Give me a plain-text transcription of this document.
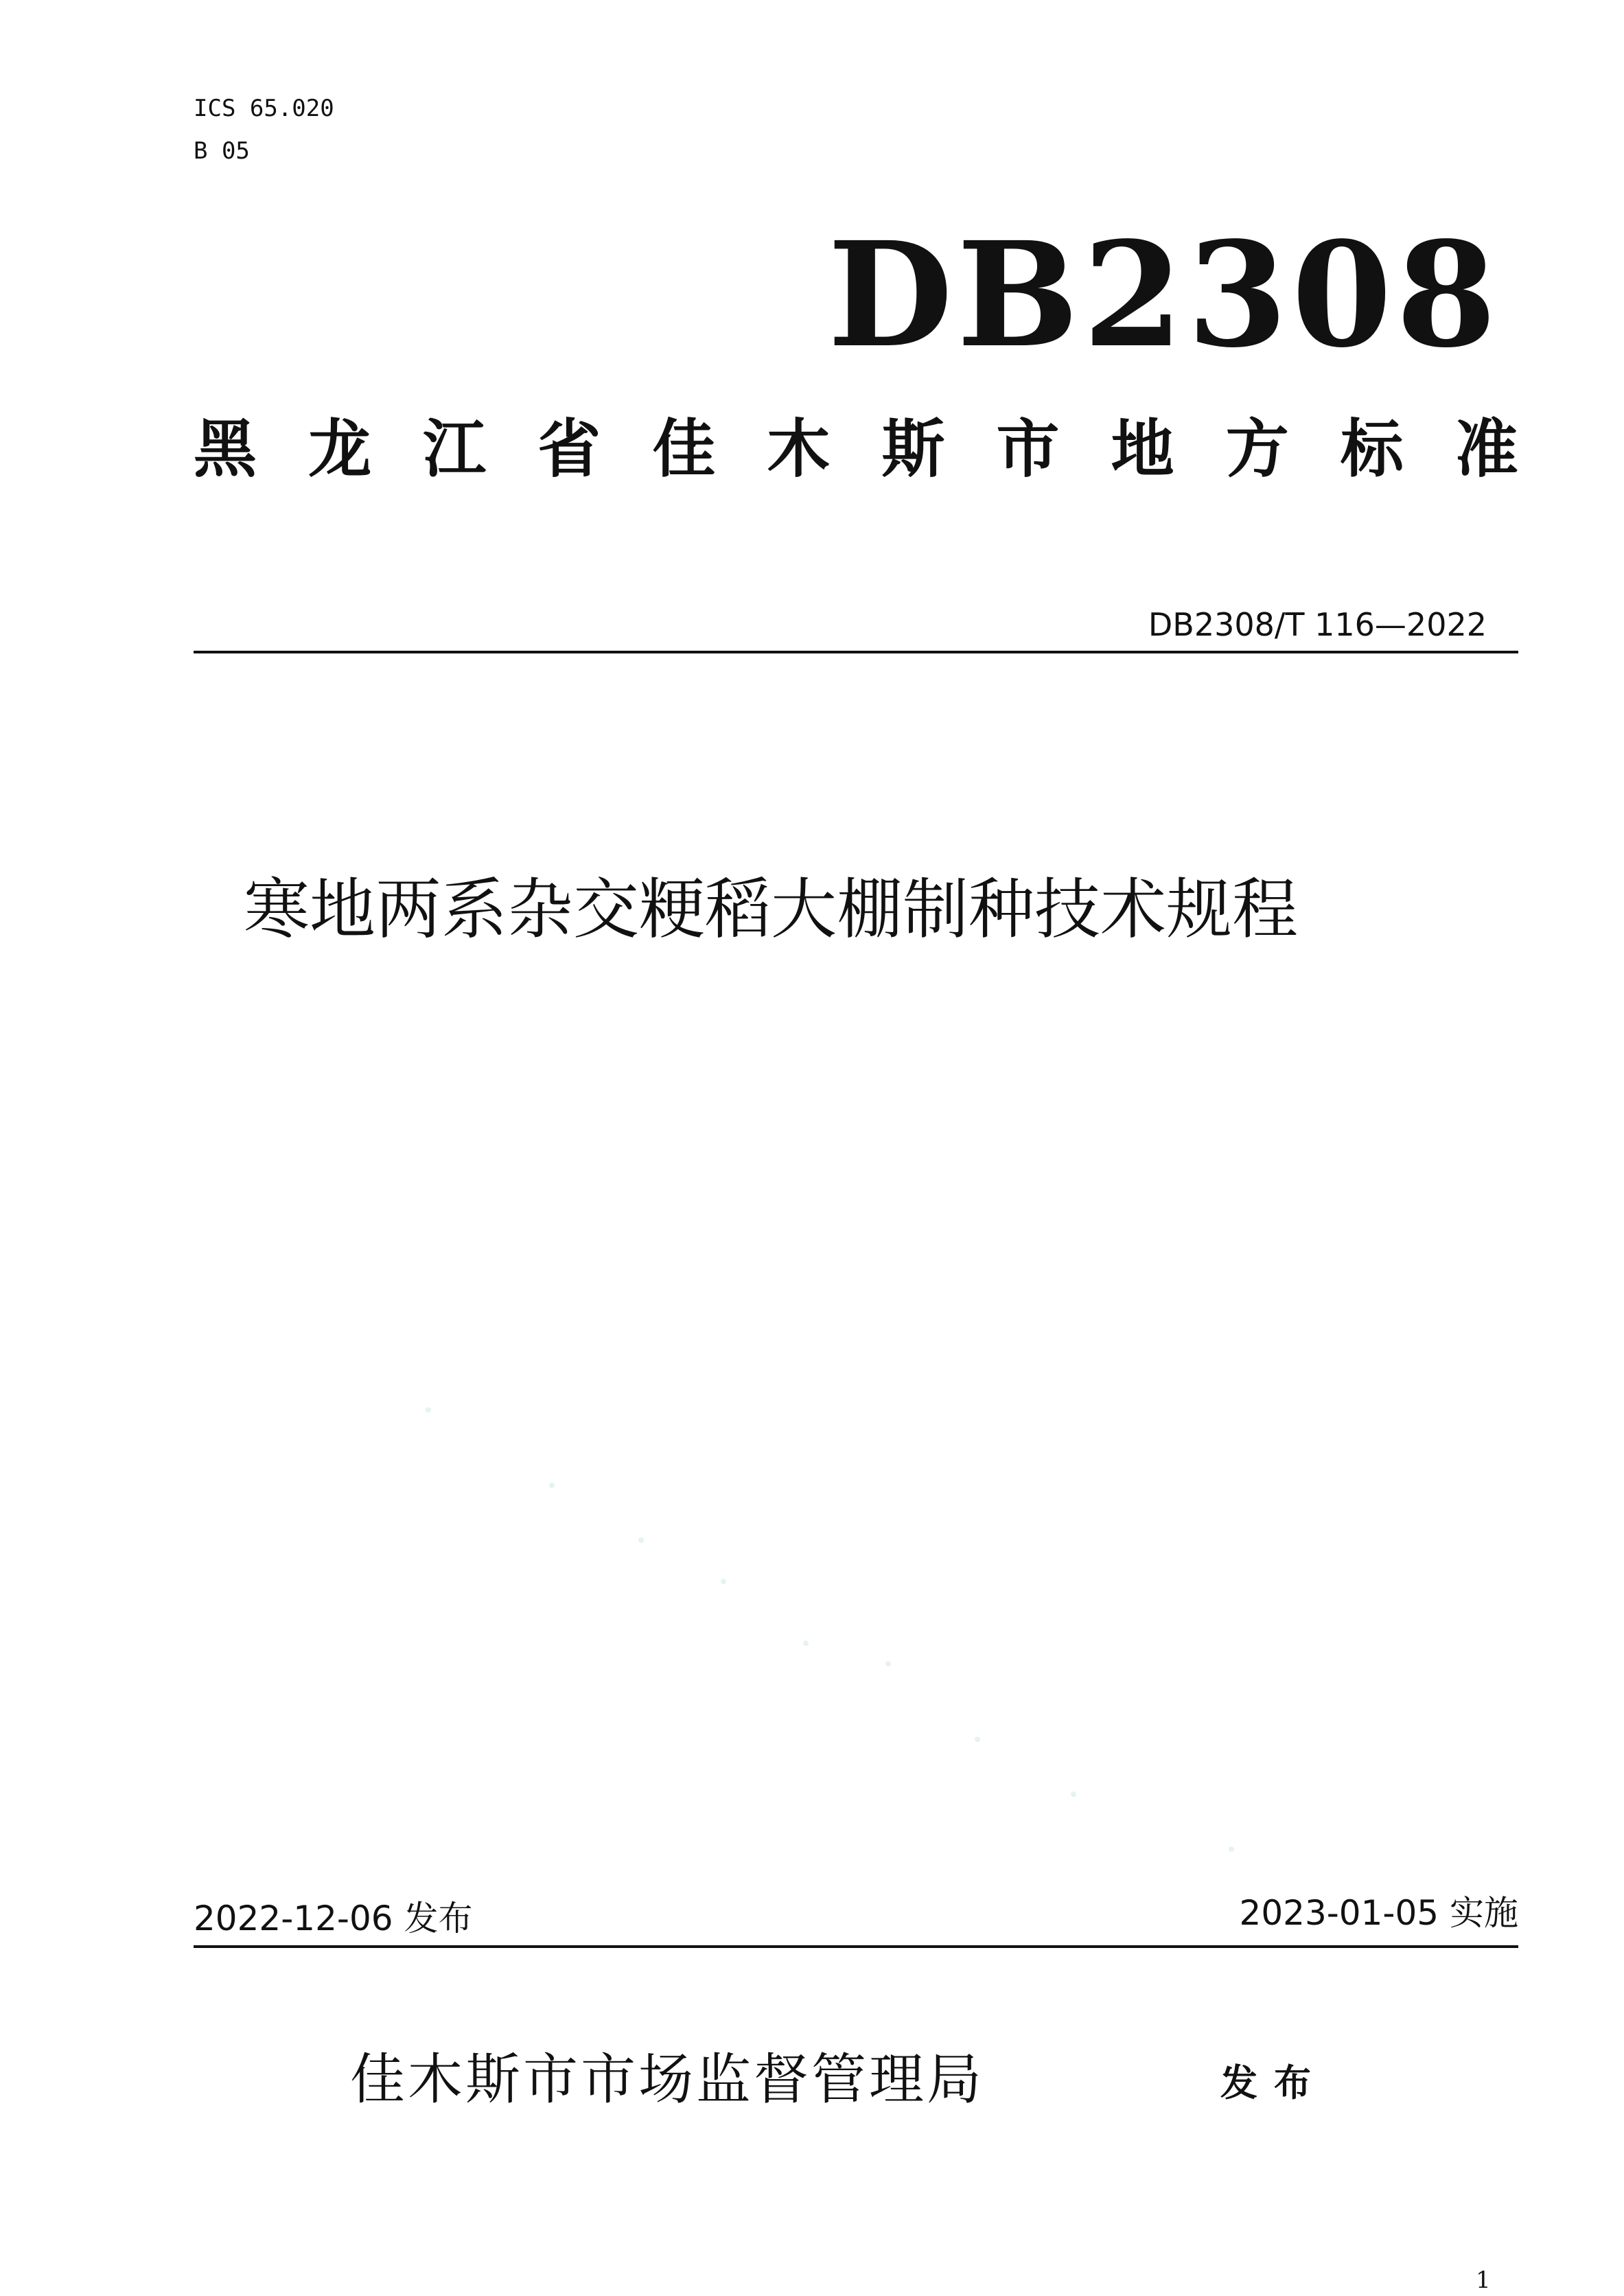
ICS 65.020
B 05
DB2308
黑 龙 江 省 佳 木 斯 市 地 方 标 准
DB2308/T 116—2022
寒地两系杂交粳稻大棚制种技术规程
2022-12-06 发布	2023-01-05 实施
佳木斯市市场监督管理局	发布
1
